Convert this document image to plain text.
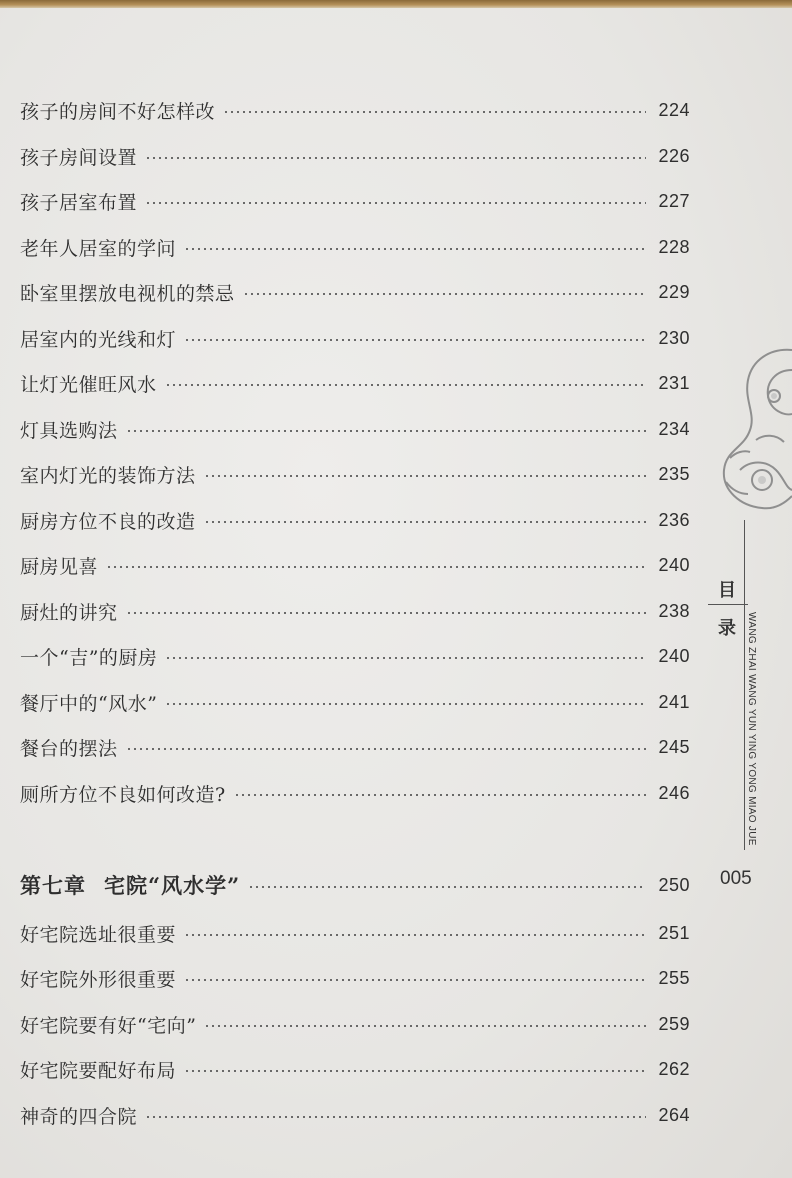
孩子的房间不好怎样改	224
孩子房间设置	226
孩子居室布置	227
老年人居室的学问	228
卧室里摆放电视机的禁忌	229
居室内的光线和灯	230
让灯光催旺风水	231
灯具选购法	234
室内灯光的装饰方法	235
厨房方位不良的改造	236
厨房见喜	240
厨灶的讲究	238
一个“吉”的厨房	240
餐厅中的“风水”	241
餐台的摆法	245
厕所方位不良如何改造?	246
第七章 宅院“风水学”	250
好宅院选址很重要	251
好宅院外形很重要	255
好宅院要有好“宅向”	259
好宅院要配好布局	262
神奇的四合院	264
目
录	WANG ZHAI WANG YUN YING YONG MIAO JUE
005
